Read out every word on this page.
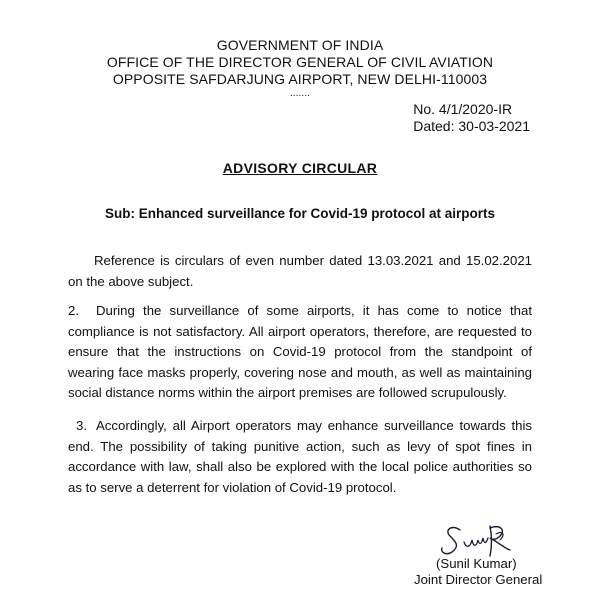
GOVERNMENT OF INDIA
OFFICE OF THE DIRECTOR GENERAL OF CIVIL AVIATION
OPPOSITE SAFDARJUNG AIRPORT, NEW DELHI-110003
.......
No. 4/1/2020-IR
Dated: 30-03-2021
ADVISORY CIRCULAR
Sub: Enhanced surveillance for Covid-19 protocol at airports
Reference is circulars of even number dated 13.03.2021 and 15.02.2021 on the above subject.
2. During the surveillance of some airports, it has come to notice that compliance is not satisfactory. All airport operators, therefore, are requested to ensure that the instructions on Covid-19 protocol from the standpoint of wearing face masks properly, covering nose and mouth, as well as maintaining social distance norms within the airport premises are followed scrupulously.
3. Accordingly, all Airport operators may enhance surveillance towards this end. The possibility of taking punitive action, such as levy of spot fines in accordance with law, shall also be explored with the local police authorities so as to serve a deterrent for violation of Covid-19 protocol.
(Sunil Kumar)
Joint Director General
